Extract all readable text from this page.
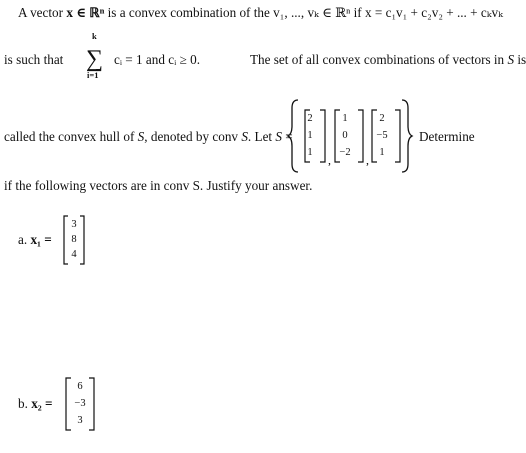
A vector x ∈ ℝⁿ is a convex combination of the v₁, ..., vₖ ∈ ℝⁿ if x = c₁v₁ + c₂v₂ + ... + cₖvₖ
is such that
k
∑
i=1
cᵢ = 1 and cᵢ ≥ 0.	The set of all convex combinations of vectors in S is
called the convex hull of S, denoted by conv S. Let S =
,	,
2
1
1
1
0
−2
2
−5
1
Determine
if the following vectors are in conv S. Justify your answer.
a. x₁ =
3
8
4
b. x₂ =
6
−3
3
